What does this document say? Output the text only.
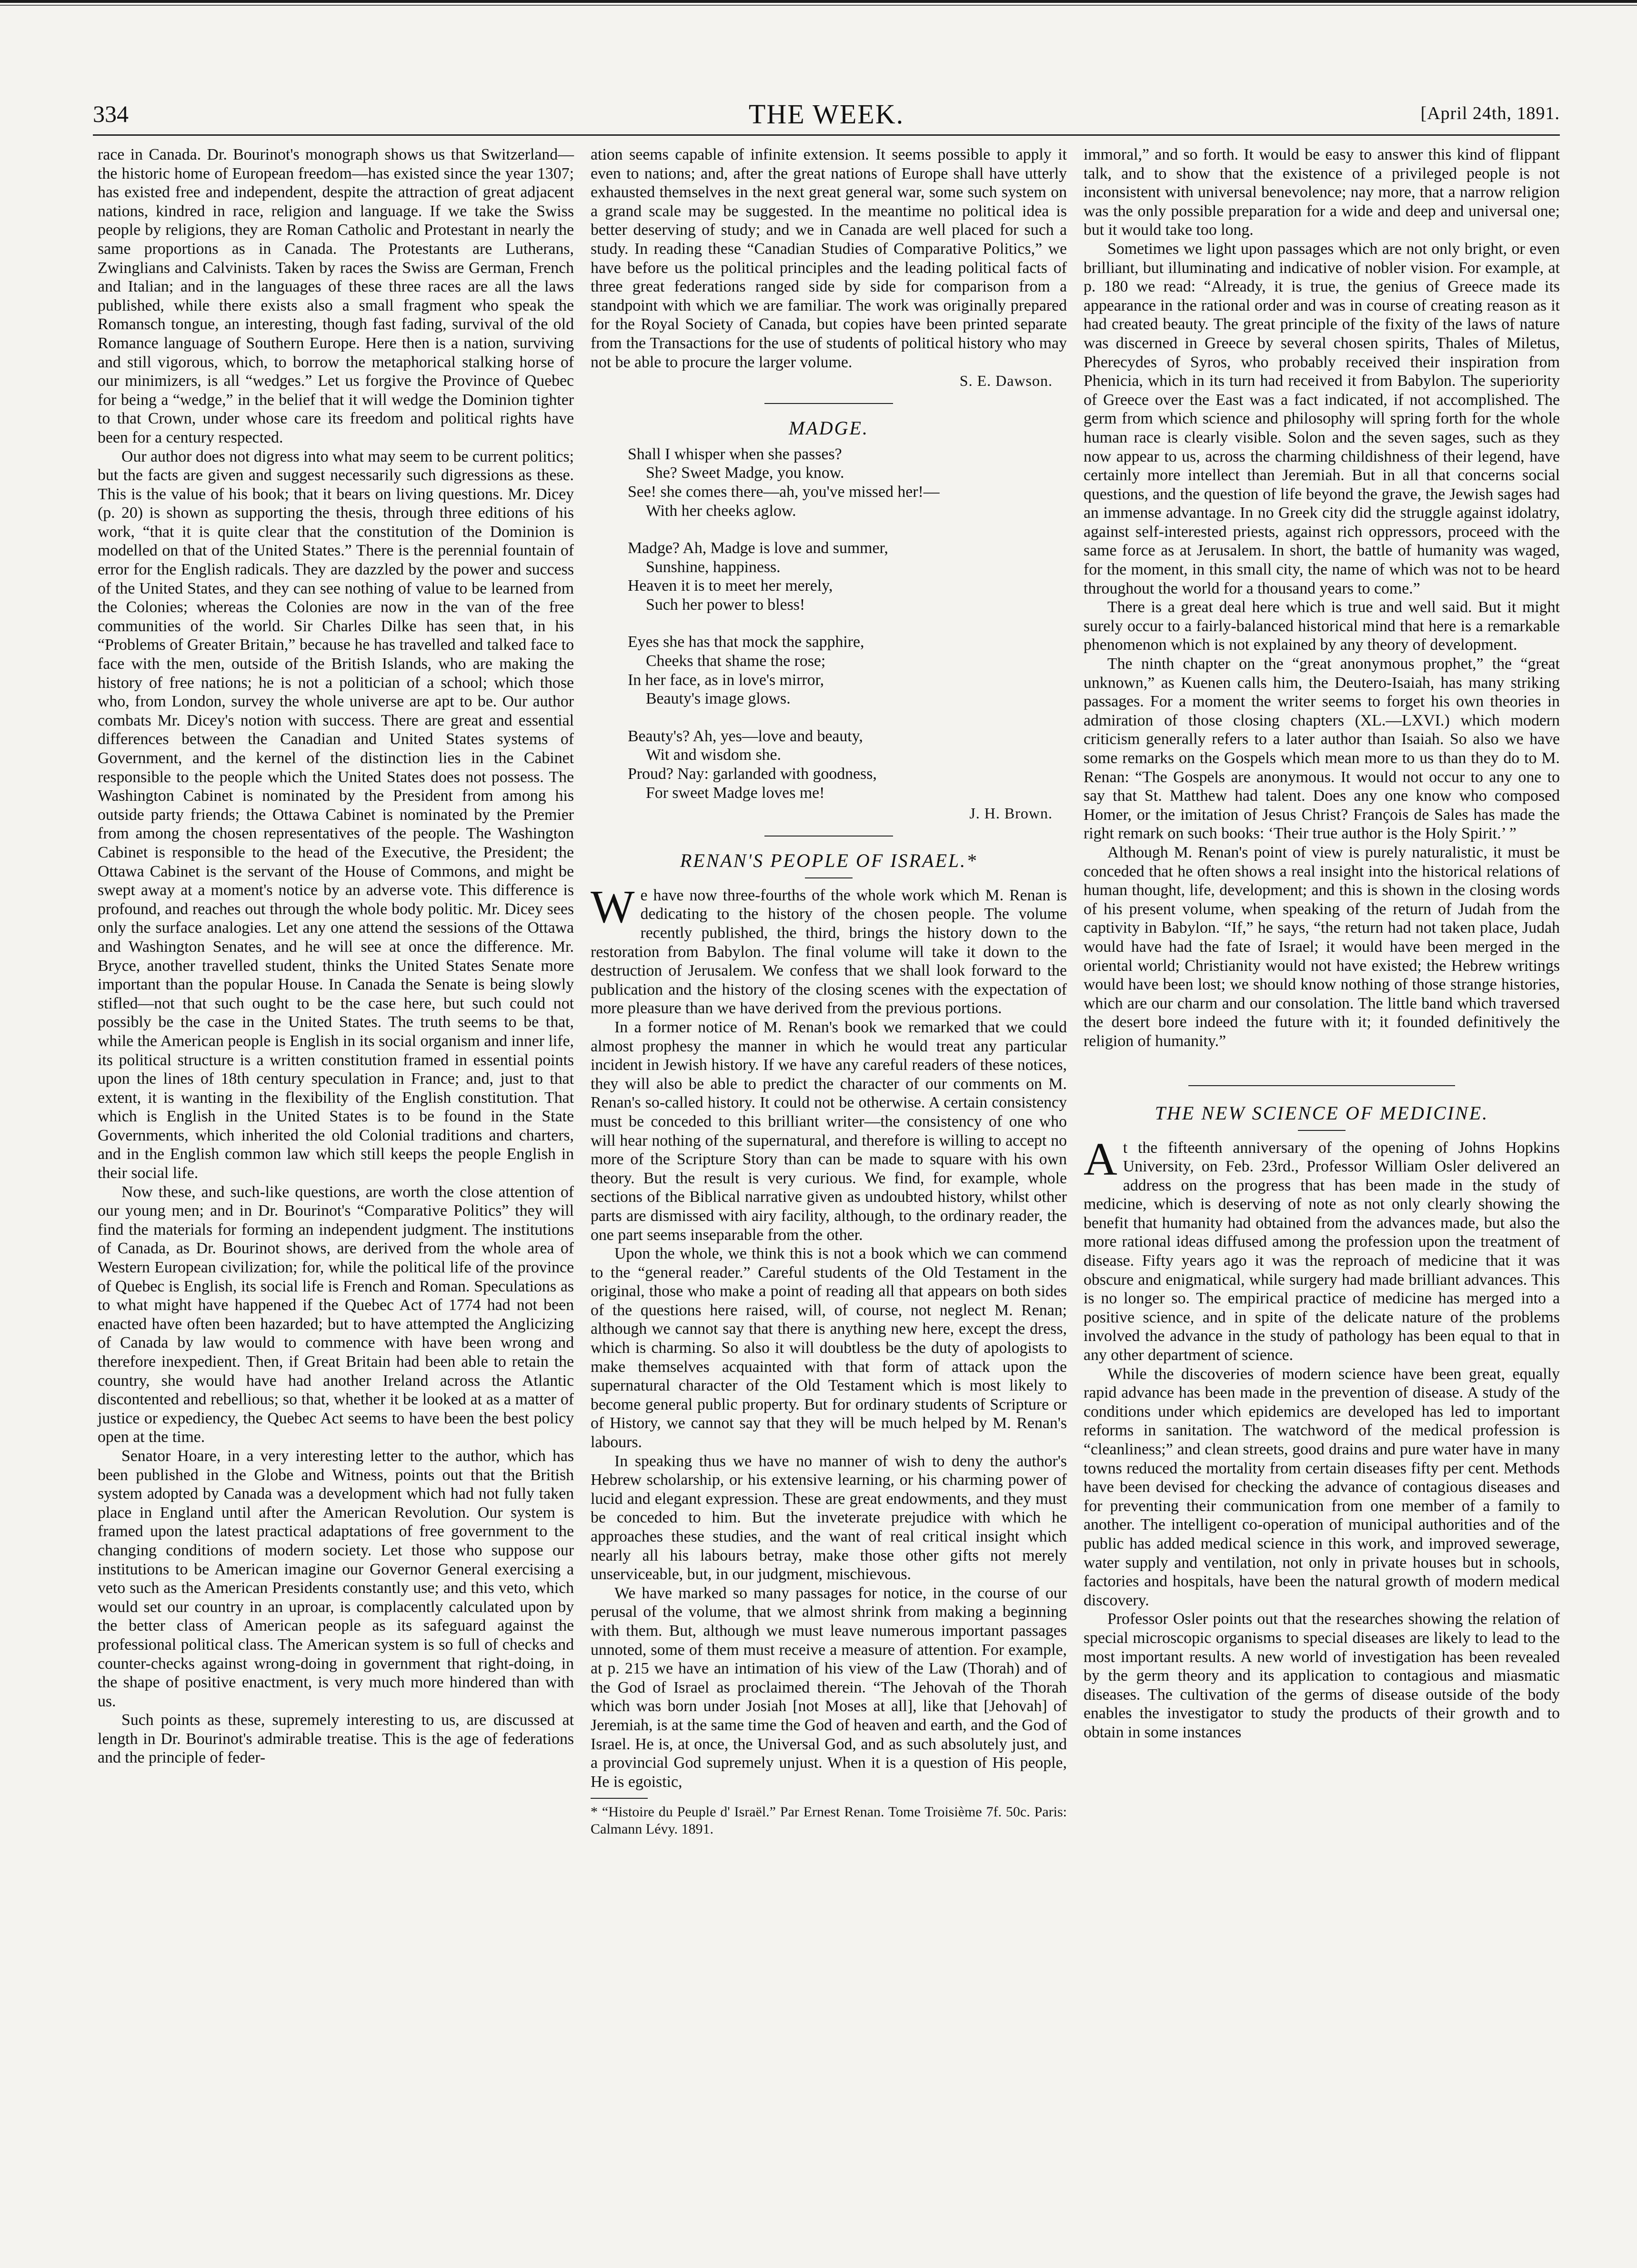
334	THE WEEK.	[April 24th, 1891.

race in Canada. Dr. Bourinot's monograph shows us that Switzerland—the historic home of European freedom—has existed since the year 1307; has existed free and independent, despite the attraction of great adjacent nations, kindred in race, religion and language. If we take the Swiss people by religions, they are Roman Catholic and Protestant in nearly the same proportions as in Canada. The Protestants are Lutherans, Zwinglians and Calvinists. Taken by races the Swiss are German, French and Italian; and in the languages of these three races are all the laws published, while there exists also a small fragment who speak the Romansch tongue, an interesting, though fast fading, survival of the old Romance language of Southern Europe. Here then is a nation, surviving and still vigorous, which, to borrow the metaphorical stalking horse of our minimizers, is all “wedges.” Let us forgive the Province of Quebec for being a “wedge,” in the belief that it will wedge the Dominion tighter to that Crown, under whose care its freedom and political rights have been for a century respected.

Our author does not digress into what may seem to be current politics; but the facts are given and suggest necessarily such digressions as these. This is the value of his book; that it bears on living questions. Mr. Dicey (p. 20) is shown as supporting the thesis, through three editions of his work, “that it is quite clear that the constitution of the Dominion is modelled on that of the United States.” There is the perennial fountain of error for the English radicals. They are dazzled by the power and success of the United States, and they can see nothing of value to be learned from the Colonies; whereas the Colonies are now in the van of the free communities of the world. Sir Charles Dilke has seen that, in his “Problems of Greater Britain,” because he has travelled and talked face to face with the men, outside of the British Islands, who are making the history of free nations; he is not a politician of a school; which those who, from London, survey the whole universe are apt to be. Our author combats Mr. Dicey's notion with success. There are great and essential differences between the Canadian and United States systems of Government, and the kernel of the distinction lies in the Cabinet responsible to the people which the United States does not possess. The Washington Cabinet is nominated by the President from among his outside party friends; the Ottawa Cabinet is nominated by the Premier from among the chosen representatives of the people. The Washington Cabinet is responsible to the head of the Executive, the President; the Ottawa Cabinet is the servant of the House of Commons, and might be swept away at a moment's notice by an adverse vote. This difference is profound, and reaches out through the whole body politic. Mr. Dicey sees only the surface analogies. Let any one attend the sessions of the Ottawa and Washington Senates, and he will see at once the difference. Mr. Bryce, another travelled student, thinks the United States Senate more important than the popular House. In Canada the Senate is being slowly stifled—not that such ought to be the case here, but such could not possibly be the case in the United States. The truth seems to be that, while the American people is English in its social organism and inner life, its political structure is a written constitution framed in essential points upon the lines of 18th century speculation in France; and, just to that extent, it is wanting in the flexibility of the English constitution. That which is English in the United States is to be found in the State Governments, which inherited the old Colonial traditions and charters, and in the English common law which still keeps the people English in their social life.

Now these, and such-like questions, are worth the close attention of our young men; and in Dr. Bourinot's “Comparative Politics” they will find the materials for forming an independent judgment. The institutions of Canada, as Dr. Bourinot shows, are derived from the whole area of Western European civilization; for, while the political life of the province of Quebec is English, its social life is French and Roman. Speculations as to what might have happened if the Quebec Act of 1774 had not been enacted have often been hazarded; but to have attempted the Anglicizing of Canada by law would to commence with have been wrong and therefore inexpedient. Then, if Great Britain had been able to retain the country, she would have had another Ireland across the Atlantic discontented and rebellious; so that, whether it be looked at as a matter of justice or expediency, the Quebec Act seems to have been the best policy open at the time.

Senator Hoare, in a very interesting letter to the author, which has been published in the Globe and Witness, points out that the British system adopted by Canada was a development which had not fully taken place in England until after the American Revolution. Our system is framed upon the latest practical adaptations of free government to the changing conditions of modern society. Let those who suppose our institutions to be American imagine our Governor General exercising a veto such as the American Presidents constantly use; and this veto, which would set our country in an uproar, is complacently calculated upon by the better class of American people as its safeguard against the professional political class. The American system is so full of checks and counter-checks against wrong-doing in government that right-doing, in the shape of positive enactment, is very much more hindered than with us.

Such points as these, supremely interesting to us, are discussed at length in Dr. Bourinot's admirable treatise. This is the age of federations and the principle of feder-

ation seems capable of infinite extension. It seems possible to apply it even to nations; and, after the great nations of Europe shall have utterly exhausted themselves in the next great general war, some such system on a grand scale may be suggested. In the meantime no political idea is better deserving of study; and we in Canada are well placed for such a study. In reading these “Canadian Studies of Comparative Politics,” we have before us the political principles and the leading political facts of three great federations ranged side by side for comparison from a standpoint with which we are familiar. The work was originally prepared for the Royal Society of Canada, but copies have been printed separate from the Transactions for the use of students of political history who may not be able to procure the larger volume.

S. E. Dawson.
MADGE.
Shall I whisper when she passes?
She? Sweet Madge, you know.
See! she comes there—ah, you've missed her!—
With her cheeks aglow.
Madge? Ah, Madge is love and summer,
Sunshine, happiness.
Heaven it is to meet her merely,
Such her power to bless!
Eyes she has that mock the sapphire,
Cheeks that shame the rose;
In her face, as in love's mirror,
Beauty's image glows.
Beauty's? Ah, yes—love and beauty,
Wit and wisdom she.
Proud? Nay: garlanded with goodness,
For sweet Madge loves me!
J. H. Brown.
RENAN'S PEOPLE OF ISRAEL.*

We have now three-fourths of the whole work which M. Renan is dedicating to the history of the chosen people. The volume recently published, the third, brings the history down to the restoration from Babylon. The final volume will take it down to the destruction of Jerusalem. We confess that we shall look forward to the publication and the history of the closing scenes with the expectation of more pleasure than we have derived from the previous portions.

In a former notice of M. Renan's book we remarked that we could almost prophesy the manner in which he would treat any particular incident in Jewish history. If we have any careful readers of these notices, they will also be able to predict the character of our comments on M. Renan's so-called history. It could not be otherwise. A certain consistency must be conceded to this brilliant writer—the consistency of one who will hear nothing of the supernatural, and therefore is willing to accept no more of the Scripture Story than can be made to square with his own theory. But the result is very curious. We find, for example, whole sections of the Biblical narrative given as undoubted history, whilst other parts are dismissed with airy facility, although, to the ordinary reader, the one part seems inseparable from the other.

Upon the whole, we think this is not a book which we can commend to the “general reader.” Careful students of the Old Testament in the original, those who make a point of reading all that appears on both sides of the questions here raised, will, of course, not neglect M. Renan; although we cannot say that there is anything new here, except the dress, which is charming. So also it will doubtless be the duty of apologists to make themselves acquainted with that form of attack upon the supernatural character of the Old Testament which is most likely to become general public property. But for ordinary students of Scripture or of History, we cannot say that they will be much helped by M. Renan's labours.

In speaking thus we have no manner of wish to deny the author's Hebrew scholarship, or his extensive learning, or his charming power of lucid and elegant expression. These are great endowments, and they must be conceded to him. But the inveterate prejudice with which he approaches these studies, and the want of real critical insight which nearly all his labours betray, make those other gifts not merely unserviceable, but, in our judgment, mischievous.

We have marked so many passages for notice, in the course of our perusal of the volume, that we almost shrink from making a beginning with them. But, although we must leave numerous important passages unnoted, some of them must receive a measure of attention. For example, at p. 215 we have an intimation of his view of the Law (Thorah) and of the God of Israel as proclaimed therein. “The Jehovah of the Thorah which was born under Josiah [not Moses at all], like that [Jehovah] of Jeremiah, is at the same time the God of heaven and earth, and the God of Israel. He is, at once, the Universal God, and as such absolutely just, and a provincial God supremely unjust. When it is a question of His people, He is egoistic,

* “Histoire du Peuple d' Israël.” Par Ernest Renan. Tome Troisième 7f. 50c. Paris: Calmann Lévy. 1891.

immoral,” and so forth. It would be easy to answer this kind of flippant talk, and to show that the existence of a privileged people is not inconsistent with universal benevolence; nay more, that a narrow religion was the only possible preparation for a wide and deep and universal one; but it would take too long.

Sometimes we light upon passages which are not only bright, or even brilliant, but illuminating and indicative of nobler vision. For example, at p. 180 we read: “Already, it is true, the genius of Greece made its appearance in the rational order and was in course of creating reason as it had created beauty. The great principle of the fixity of the laws of nature was discerned in Greece by several chosen spirits, Thales of Miletus, Pherecydes of Syros, who probably received their inspiration from Phenicia, which in its turn had received it from Babylon. The superiority of Greece over the East was a fact indicated, if not accomplished. The germ from which science and philosophy will spring forth for the whole human race is clearly visible. Solon and the seven sages, such as they now appear to us, across the charming childishness of their legend, have certainly more intellect than Jeremiah. But in all that concerns social questions, and the question of life beyond the grave, the Jewish sages had an immense advantage. In no Greek city did the struggle against idolatry, against self-interested priests, against rich oppressors, proceed with the same force as at Jerusalem. In short, the battle of humanity was waged, for the moment, in this small city, the name of which was not to be heard throughout the world for a thousand years to come.”

There is a great deal here which is true and well said. But it might surely occur to a fairly-balanced historical mind that here is a remarkable phenomenon which is not explained by any theory of development.

The ninth chapter on the “great anonymous prophet,” the “great unknown,” as Kuenen calls him, the Deutero-Isaiah, has many striking passages. For a moment the writer seems to forget his own theories in admiration of those closing chapters (XL.—LXVI.) which modern criticism generally refers to a later author than Isaiah. So also we have some remarks on the Gospels which mean more to us than they do to M. Renan: “The Gospels are anonymous. It would not occur to any one to say that St. Matthew had talent. Does any one know who composed Homer, or the imitation of Jesus Christ? François de Sales has made the right remark on such books: ‘Their true author is the Holy Spirit.’ ”

Although M. Renan's point of view is purely naturalistic, it must be conceded that he often shows a real insight into the historical relations of human thought, life, development; and this is shown in the closing words of his present volume, when speaking of the return of Judah from the captivity in Babylon. “If,” he says, “the return had not taken place, Judah would have had the fate of Israel; it would have been merged in the oriental world; Christianity would not have existed; the Hebrew writings would have been lost; we should know nothing of those strange histories, which are our charm and our consolation. The little band which traversed the desert bore indeed the future with it; it founded definitively the religion of humanity.”

THE NEW SCIENCE OF MEDICINE.

At the fifteenth anniversary of the opening of Johns Hopkins University, on Feb. 23rd., Professor William Osler delivered an address on the progress that has been made in the study of medicine, which is deserving of note as not only clearly showing the benefit that humanity had obtained from the advances made, but also the more rational ideas diffused among the profession upon the treatment of disease. Fifty years ago it was the reproach of medicine that it was obscure and enigmatical, while surgery had made brilliant advances. This is no longer so. The empirical practice of medicine has merged into a positive science, and in spite of the delicate nature of the problems involved the advance in the study of pathology has been equal to that in any other department of science.

While the discoveries of modern science have been great, equally rapid advance has been made in the prevention of disease. A study of the conditions under which epidemics are developed has led to important reforms in sanitation. The watchword of the medical profession is “cleanliness;” and clean streets, good drains and pure water have in many towns reduced the mortality from certain diseases fifty per cent. Methods have been devised for checking the advance of contagious diseases and for preventing their communication from one member of a family to another. The intelligent co-operation of municipal authorities and of the public has added medical science in this work, and improved sewerage, water supply and ventilation, not only in private houses but in schools, factories and hospitals, have been the natural growth of modern medical discovery.

Professor Osler points out that the researches showing the relation of special microscopic organisms to special diseases are likely to lead to the most important results. A new world of investigation has been revealed by the germ theory and its application to contagious and miasmatic diseases. The cultivation of the germs of disease outside of the body enables the investigator to study the products of their growth and to obtain in some instances
